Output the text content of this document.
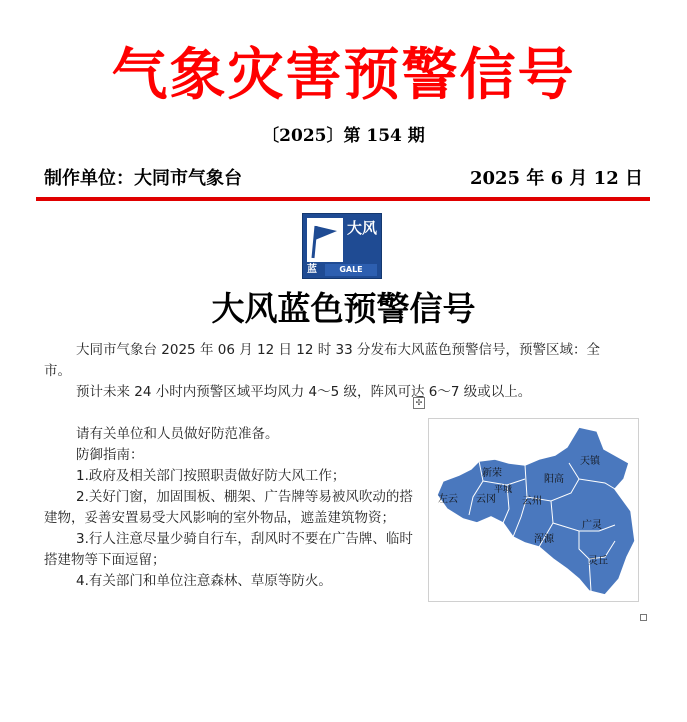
气象灾害预警信号
〔2025〕第 154 期
制作单位：大同市气象台	2025 年 6 月 12 日
大风
蓝	GALE
大风蓝色预警信号

大同市气象台 2025 年 06 月 12 日 12 时 33 分发布大风蓝色预警信号，预警区域：全市。

预计未来 24 小时内预警区域平均风力 4～5 级，阵风可达 6～7 级或以上。

✣

请有关单位和人员做好防范准备。

防御指南：

1.政府及相关部门按照职责做好防大风工作；

2.关好门窗，加固围板、棚架、广告牌等易被风吹动的搭建物，妥善安置易受大风影响的室外物品，遮盖建筑物资；

3.行人注意尽量少骑自行车，刮风时不要在广告牌、临时搭建物等下面逗留；

4.有关部门和单位注意森林、草原等防火。

天镇
新荣
阳高
平城
左云 云冈	云州
浑源
广灵
灵丘
